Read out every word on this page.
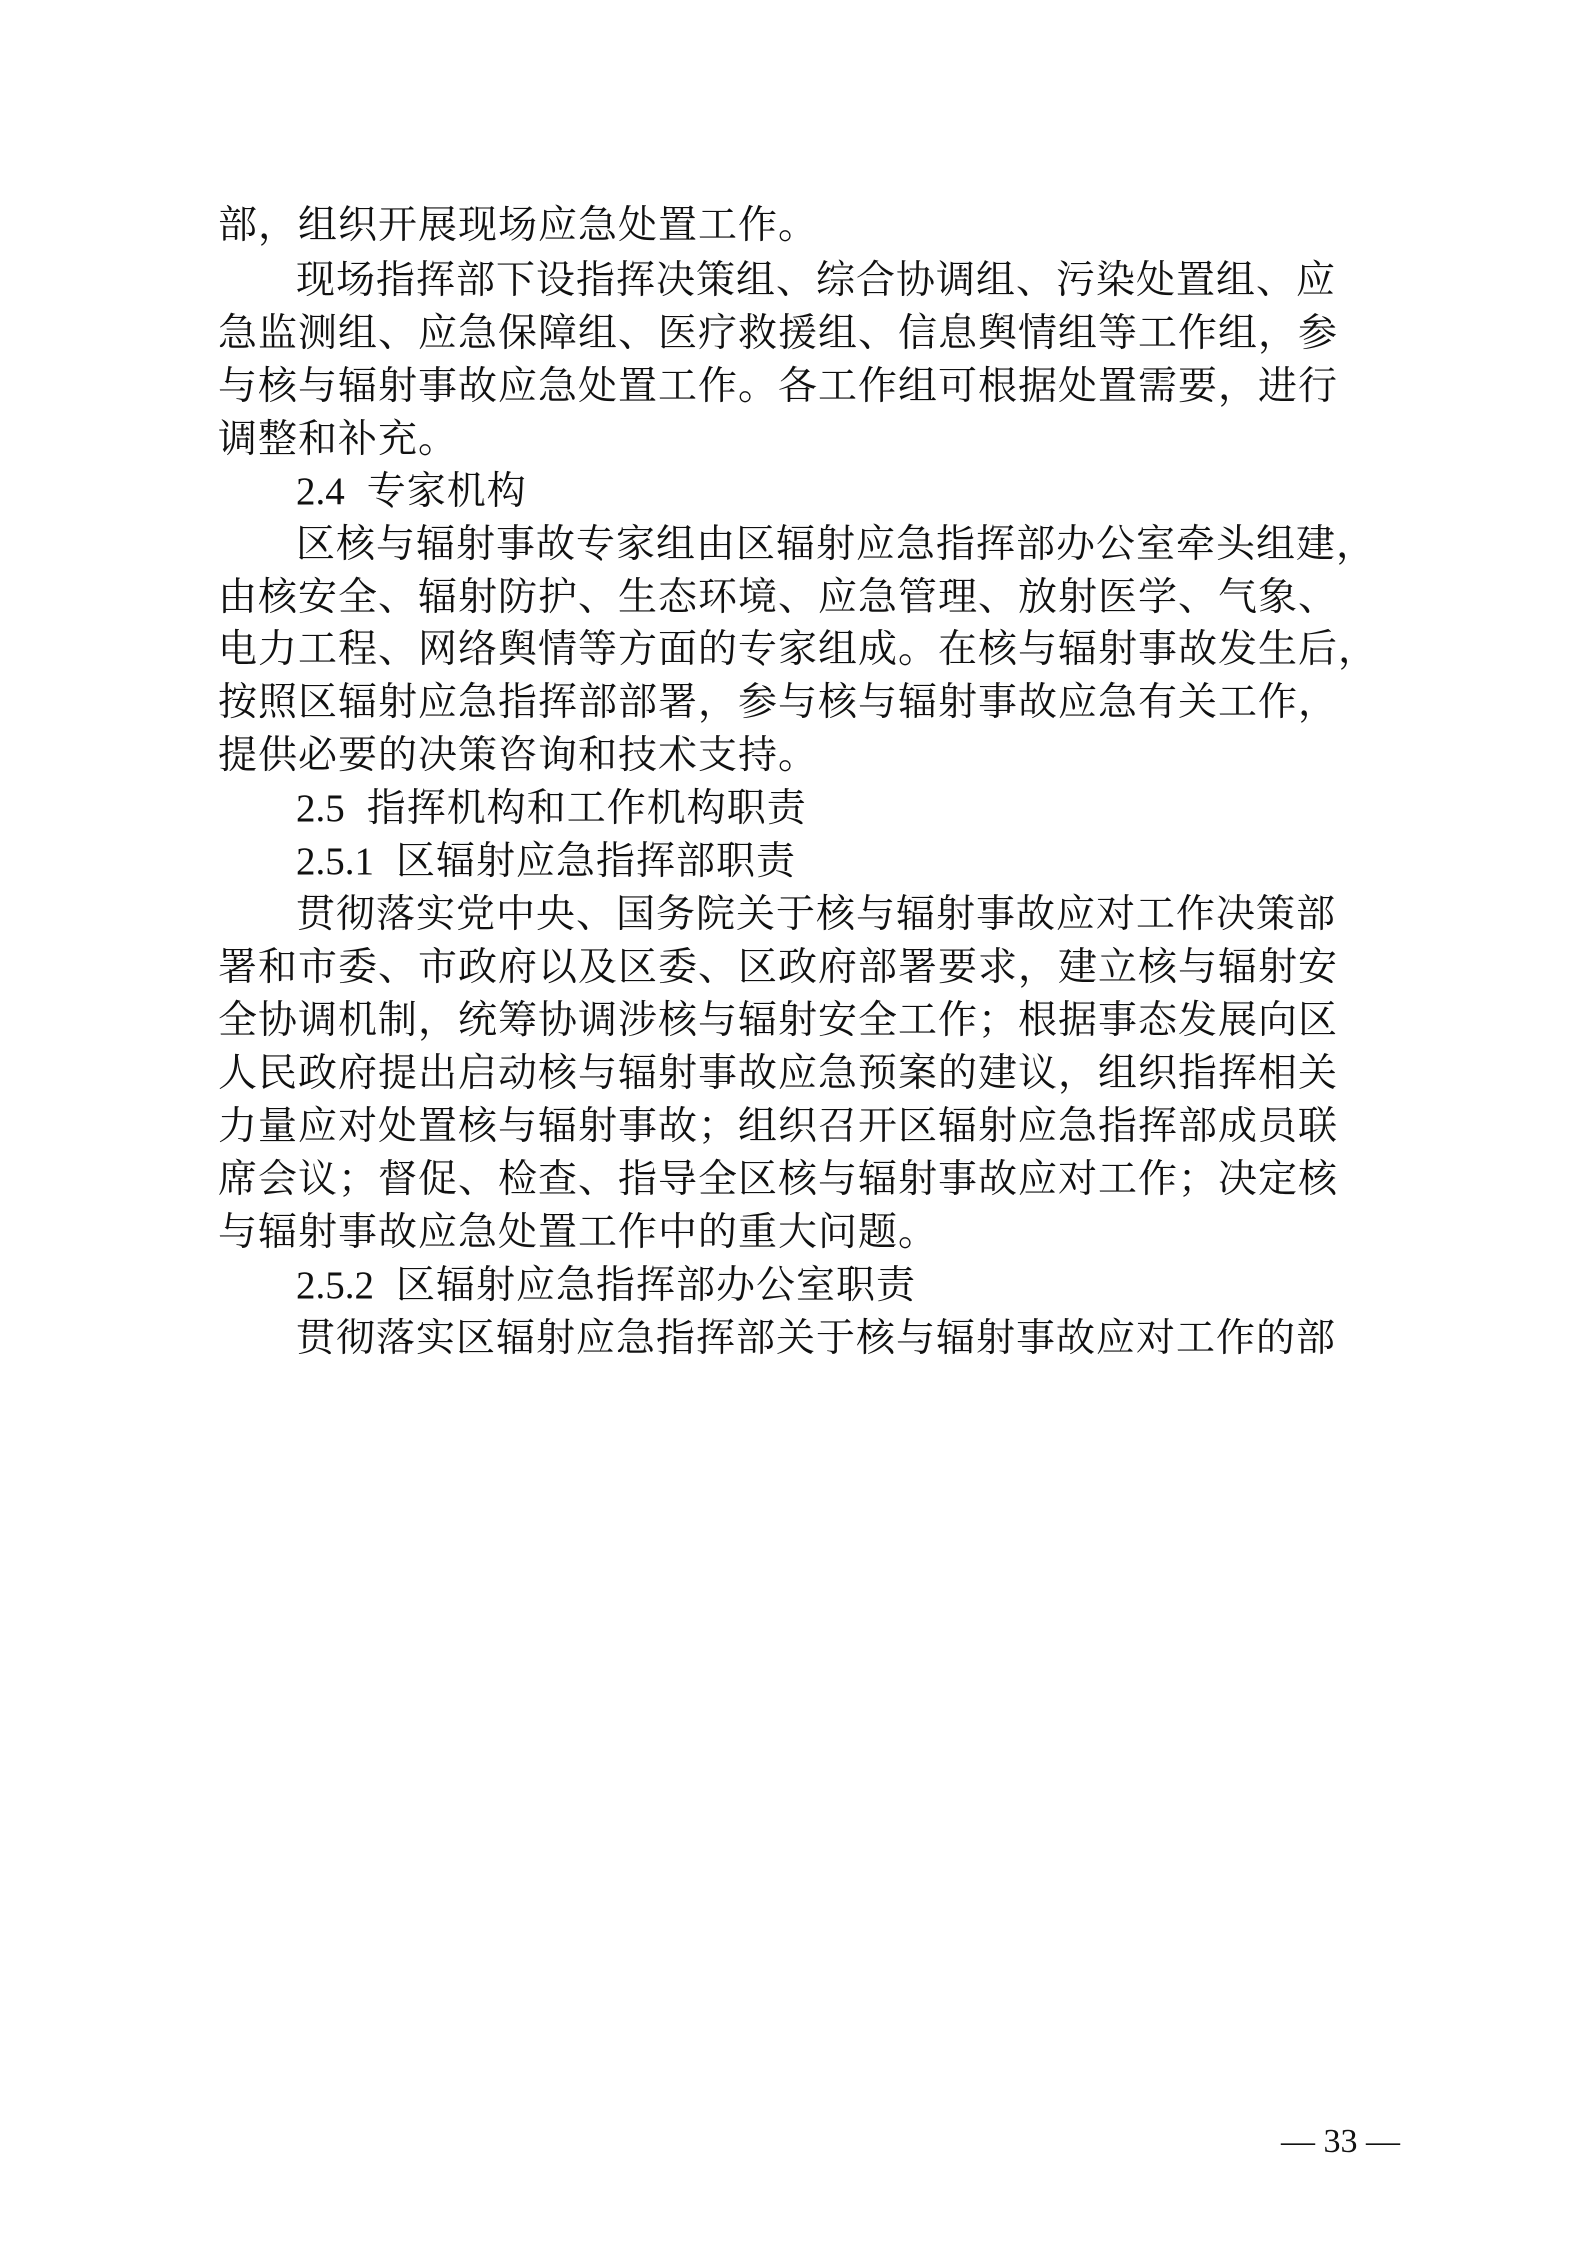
部，组织开展现场应急处置工作。
现场指挥部下设指挥决策组、综合协调组、污染处置组、应
急监测组、应急保障组、医疗救援组、信息舆情组等工作组，参
与核与辐射事故应急处置工作。各工作组可根据处置需要，进行
调整和补充。
2.4 专家机构
区核与辐射事故专家组由区辐射应急指挥部办公室牵头组建，
由核安全、辐射防护、生态环境、应急管理、放射医学、气象、
电力工程、网络舆情等方面的专家组成。在核与辐射事故发生后，
按照区辐射应急指挥部部署，参与核与辐射事故应急有关工作，
提供必要的决策咨询和技术支持。
2.5 指挥机构和工作机构职责
2.5.1 区辐射应急指挥部职责
贯彻落实党中央、国务院关于核与辐射事故应对工作决策部
署和市委、市政府以及区委、区政府部署要求，建立核与辐射安
全协调机制，统筹协调涉核与辐射安全工作；根据事态发展向区
人民政府提出启动核与辐射事故应急预案的建议，组织指挥相关
力量应对处置核与辐射事故；组织召开区辐射应急指挥部成员联
席会议；督促、检查、指导全区核与辐射事故应对工作；决定核
与辐射事故应急处置工作中的重大问题。
2.5.2 区辐射应急指挥部办公室职责
贯彻落实区辐射应急指挥部关于核与辐射事故应对工作的部
— 33 —
